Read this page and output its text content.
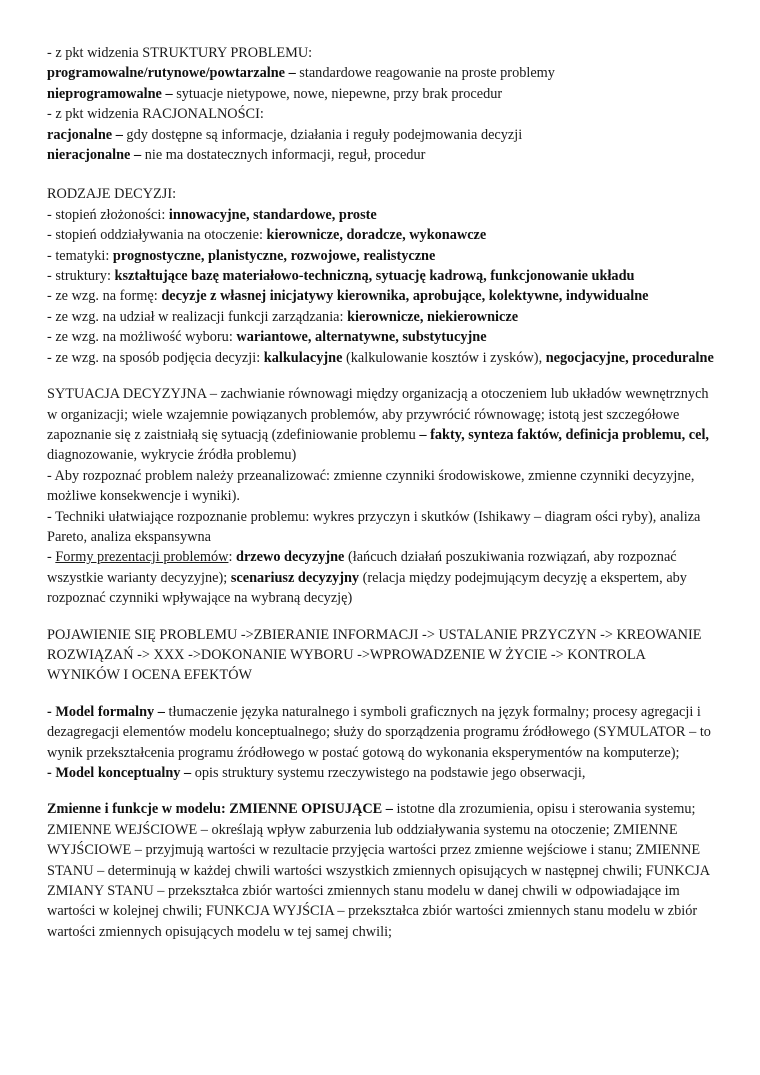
- z pkt widzenia STRUKTURY PROBLEMU:

programowalne/rutynowe/powtarzalne – standardowe reagowanie na proste problemy

nieprogramowalne – sytuacje nietypowe, nowe, niepewne, przy brak procedur

- z pkt widzenia RACJONALNOŚCI:

racjonalne – gdy dostępne są informacje, działania i reguły podejmowania decyzji

nieracjonalne – nie ma dostatecznych informacji, reguł, procedur

RODZAJE DECYZJI:

- stopień złożoności: innowacyjne, standardowe, proste

- stopień oddziaływania na otoczenie: kierownicze, doradcze, wykonawcze

- tematyki: prognostyczne, planistyczne, rozwojowe, realistyczne

- struktury: kształtujące bazę materiałowo-techniczną, sytuację kadrową, funkcjonowanie układu

- ze wzg. na formę: decyzje z własnej inicjatywy kierownika, aprobujące, kolektywne, indywidualne

- ze wzg. na udział w realizacji funkcji zarządzania: kierownicze, niekierownicze

- ze wzg. na możliwość wyboru: wariantowe, alternatywne, substytucyjne

- ze wzg. na sposób podjęcia decyzji: kalkulacyjne (kalkulowanie kosztów i zysków), negocjacyjne, proceduralne

SYTUACJA DECYZYJNA – zachwianie równowagi między organizacją a otoczeniem lub układów wewnętrznych w organizacji; wiele wzajemnie powiązanych problemów, aby przywrócić równowagę; istotą jest szczegółowe zapoznanie się z zaistniałą się sytuacją (zdefiniowanie problemu – fakty, synteza faktów, definicja problemu, cel, diagnozowanie, wykrycie źródła problemu)

- Aby rozpoznać problem należy przeanalizować: zmienne czynniki środowiskowe, zmienne czynniki decyzyjne, możliwe konsekwencje i wyniki).

- Techniki ułatwiające rozpoznanie problemu: wykres przyczyn i skutków (Ishikawy – diagram ości ryby), analiza Pareto, analiza ekspansywna

- Formy prezentacji problemów: drzewo decyzyjne (łańcuch działań poszukiwania rozwiązań, aby rozpoznać wszystkie warianty decyzyjne); scenariusz decyzyjny (relacja między podejmującym decyzję a ekspertem, aby rozpoznać czynniki wpływające na wybraną decyzję)

POJAWIENIE SIĘ PROBLEMU ->ZBIERANIE INFORMACJI -> USTALANIE PRZYCZYN -> KREOWANIE ROZWIĄZAŃ -> XXX ->DOKONANIE WYBORU ->WPROWADZENIE W ŻYCIE -> KONTROLA WYNIKÓW I OCENA EFEKTÓW

- Model formalny – tłumaczenie języka naturalnego i symboli graficznych na język formalny; procesy agregacji i dezagregacji elementów modelu konceptualnego; służy do sporządzenia programu źródłowego (SYMULATOR – to wynik przekształcenia programu źródłowego w postać gotową do wykonania eksperymentów na komputerze);

- Model konceptualny – opis struktury systemu rzeczywistego na podstawie jego obserwacji,

Zmienne i funkcje w modelu: ZMIENNE OPISUJĄCE – istotne dla zrozumienia, opisu i sterowania systemu; ZMIENNE WEJŚCIOWE – określają wpływ zaburzenia lub oddziaływania systemu na otoczenie; ZMIENNE WYJŚCIOWE – przyjmują wartości w rezultacie przyjęcia wartości przez zmienne wejściowe i stanu; ZMIENNE STANU – determinują w każdej chwili wartości wszystkich zmiennych opisujących w następnej chwili; FUNKCJA ZMIANY STANU – przekształca zbiór wartości zmiennych stanu modelu w danej chwili w odpowiadające im wartości w kolejnej chwili; FUNKCJA WYJŚCIA – przekształca zbiór wartości zmiennych stanu modelu w zbiór wartości zmiennych opisujących modelu w tej samej chwili;
